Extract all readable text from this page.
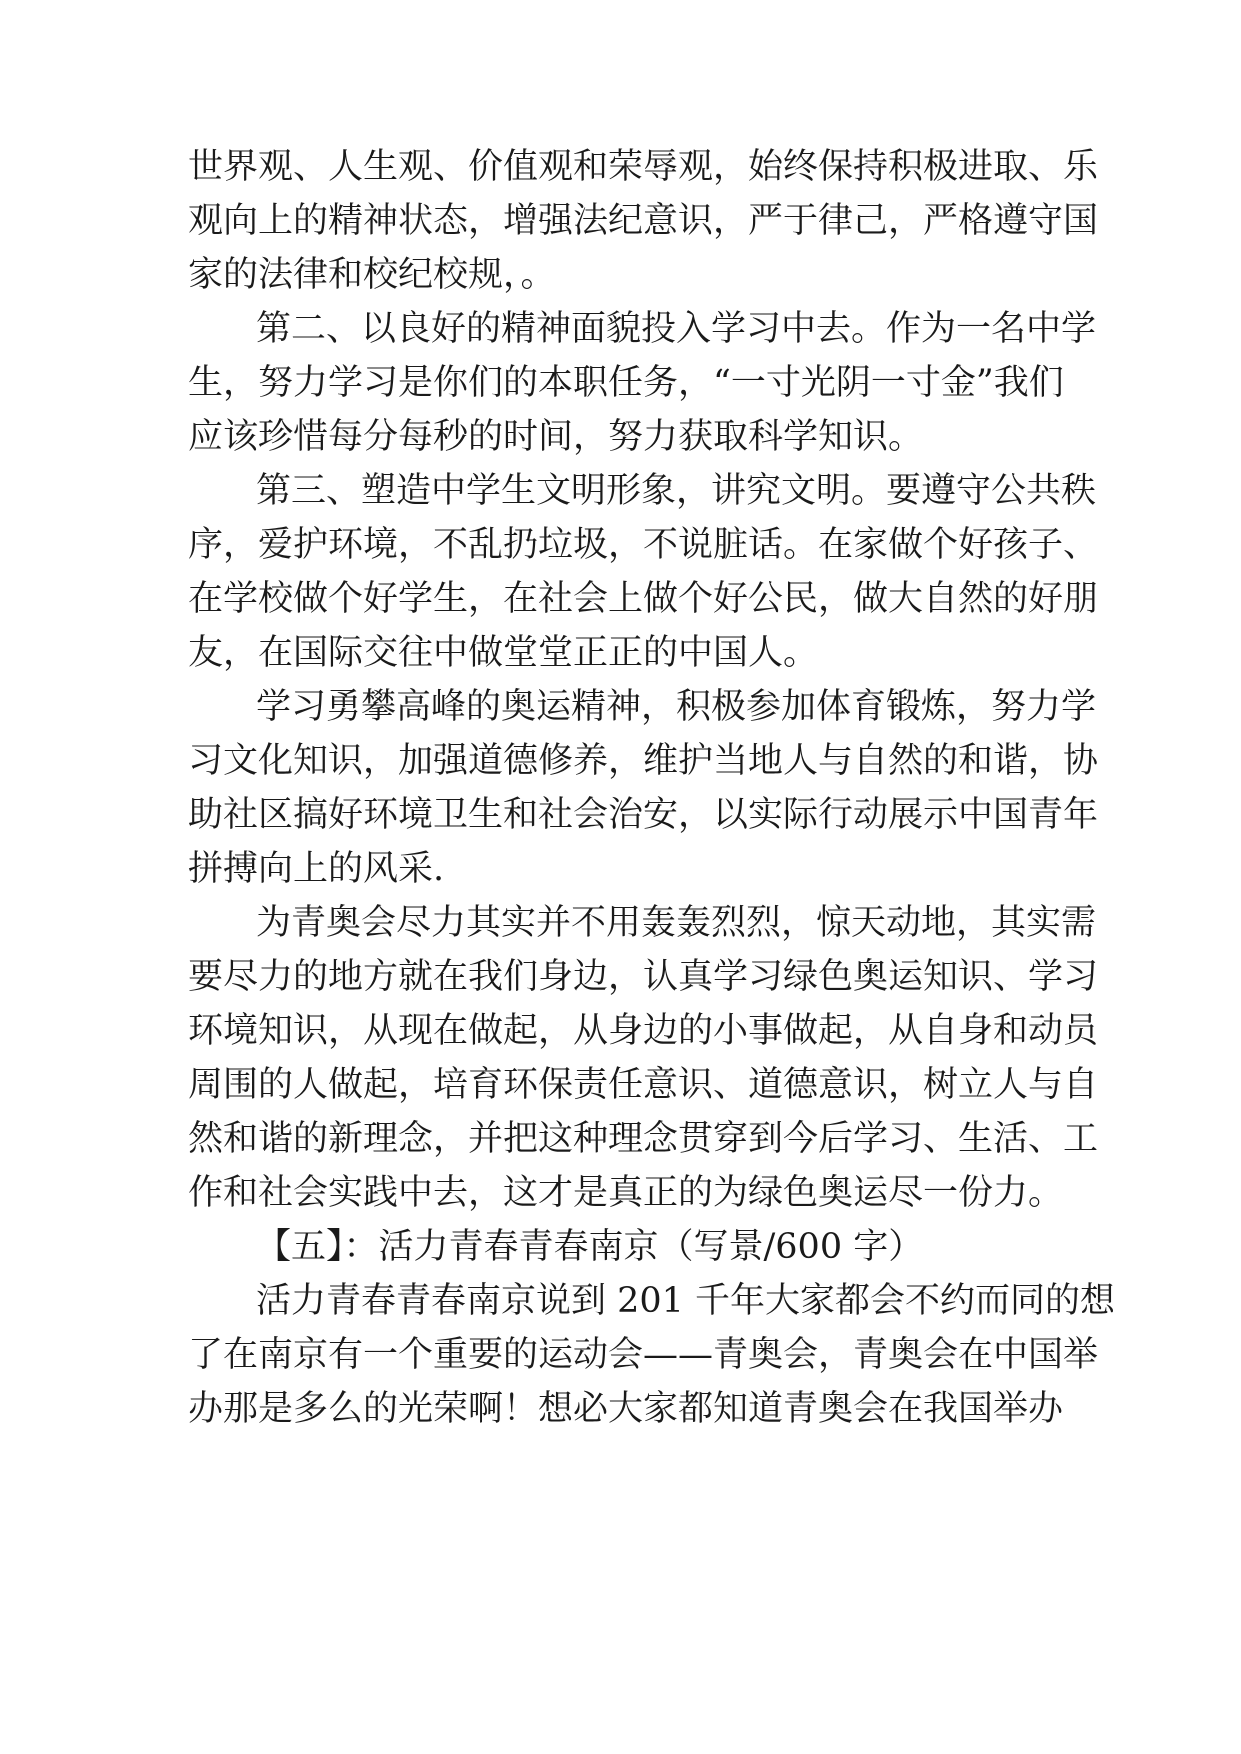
世界观、人生观、价值观和荣辱观，始终保持积极进取、乐
观向上的精神状态，增强法纪意识，严于律己，严格遵守国
家的法律和校纪校规，。
第二、以良好的精神面貌投入学习中去。作为一名中学
生，努力学习是你们的本职任务，“一寸光阴一寸金”我们
应该珍惜每分每秒的时间，努力获取科学知识。
第三、塑造中学生文明形象，讲究文明。要遵守公共秩
序，爱护环境，不乱扔垃圾，不说脏话。在家做个好孩子、
在学校做个好学生，在社会上做个好公民，做大自然的好朋
友，在国际交往中做堂堂正正的中国人。
学习勇攀高峰的奥运精神，积极参加体育锻炼，努力学
习文化知识，加强道德修养，维护当地人与自然的和谐，协
助社区搞好环境卫生和社会治安，以实际行动展示中国青年
拼搏向上的风采.
为青奥会尽力其实并不用轰轰烈烈，惊天动地，其实需
要尽力的地方就在我们身边，认真学习绿色奥运知识、学习
环境知识，从现在做起，从身边的小事做起，从自身和动员
周围的人做起，培育环保责任意识、道德意识，树立人与自
然和谐的新理念，并把这种理念贯穿到今后学习、生活、工
作和社会实践中去，这才是真正的为绿色奥运尽一份力。
【五】：活力青春青春南京（写景/600 字）
活力青春青春南京说到 201 千年大家都会不约而同的想
了在南京有一个重要的运动会——青奥会，青奥会在中国举
办那是多么的光荣啊！想必大家都知道青奥会在我国举办
